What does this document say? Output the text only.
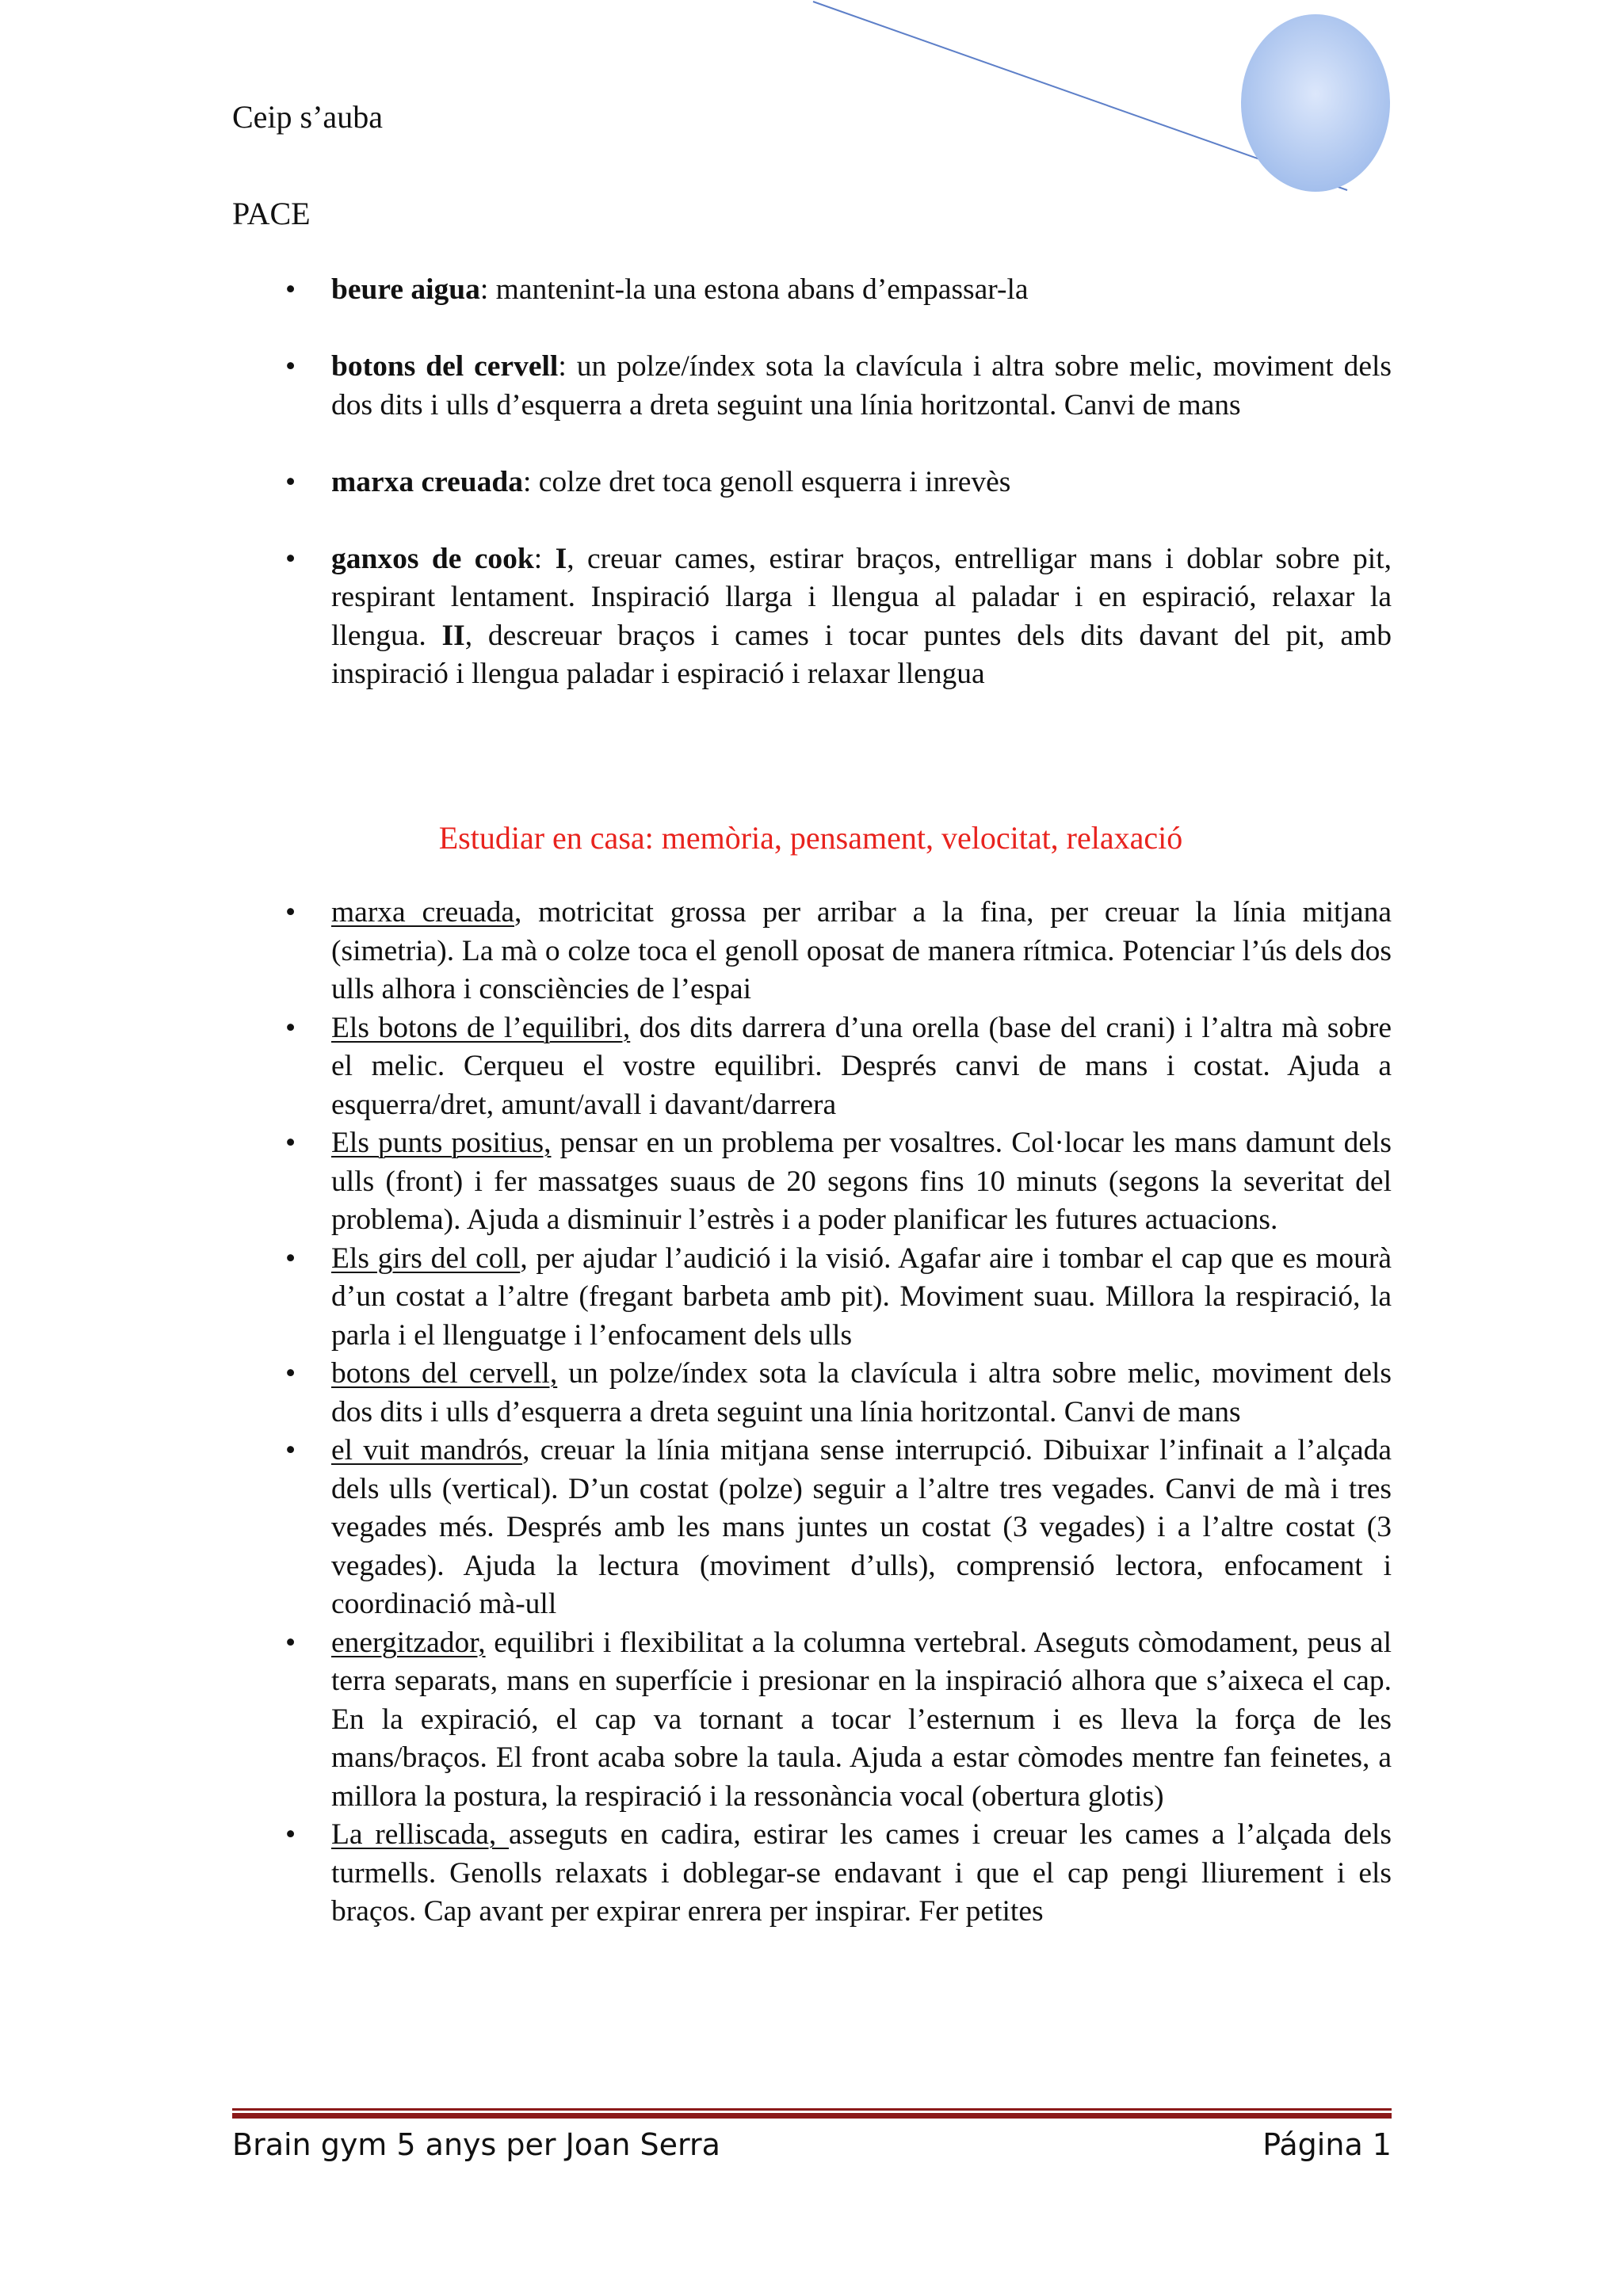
Ceip s’auba
PACE
•	beure aigua: mantenint-la una estona abans d’empassar-la
•	botons del cervell: un polze/índex sota la clavícula i altra sobre melic, moviment dels dos dits i ulls d’esquerra a dreta seguint una línia horitzontal. Canvi de mans
•	marxa creuada: colze dret toca genoll esquerra i inrevès
•	ganxos de cook: I, creuar cames, estirar braços, entrelligar mans i doblar sobre pit, respirant lentament. Inspiració llarga i llengua al paladar i en espiració, relaxar la llengua. II, descreuar braços i cames i tocar puntes dels dits davant del pit, amb inspiració i llengua paladar i espiració i relaxar llengua
Estudiar en casa: memòria, pensament, velocitat, relaxació
•	marxa creuada, motricitat grossa per arribar a la fina, per creuar la línia mitjana (simetria). La mà o colze toca el genoll oposat de manera rítmica. Potenciar l’ús dels dos ulls alhora i consciències de l’espai
•	Els botons de l’equilibri, dos dits darrera d’una orella (base del crani) i l’altra mà sobre el melic. Cerqueu el vostre equilibri. Després canvi de mans i costat. Ajuda a esquerra/dret, amunt/avall i davant/darrera
•	Els punts positius, pensar en un problema per vosaltres. Col·locar les mans damunt dels ulls (front) i fer massatges suaus de 20 segons fins 10 minuts (segons la severitat del problema). Ajuda a disminuir l’estrès i a poder planificar les futures actuacions.
•	Els girs del coll, per ajudar l’audició i la visió. Agafar aire i tombar el cap que es mourà d’un costat a l’altre (fregant barbeta amb pit). Moviment suau. Millora la respiració, la parla i el llenguatge i l’enfocament dels ulls
•	botons del cervell, un polze/índex sota la clavícula i altra sobre melic, moviment dels dos dits i ulls d’esquerra a dreta seguint una línia horitzontal. Canvi de mans
•	el vuit mandrós, creuar la línia mitjana sense interrupció. Dibuixar l’infinait a l’alçada dels ulls (vertical). D’un costat (polze) seguir a l’altre tres vegades. Canvi de mà i tres vegades més. Després amb les mans juntes un costat (3 vegades) i a l’altre costat (3 vegades). Ajuda la lectura (moviment d’ulls), comprensió lectora, enfocament i coordinació mà-ull
•	energitzador, equilibri i flexibilitat a la columna vertebral. Aseguts còmodament, peus al terra separats, mans en superfície i presionar en la inspiració alhora que s’aixeca el cap. En la expiració, el cap va tornant a tocar l’esternum i es lleva la força de les mans/braços. El front acaba sobre la taula. Ajuda a estar còmodes mentre fan feinetes, a millora la postura, la respiració i la ressonància vocal (obertura glotis)
•	La relliscada, asseguts en cadira, estirar les cames i creuar les cames a l’alçada dels turmells. Genolls relaxats i doblegar-se endavant i que el cap pengi lliurement i els braços. Cap avant per expirar enrera per inspirar. Fer petites
Brain gym 5 anys per Joan Serra	Página 1
